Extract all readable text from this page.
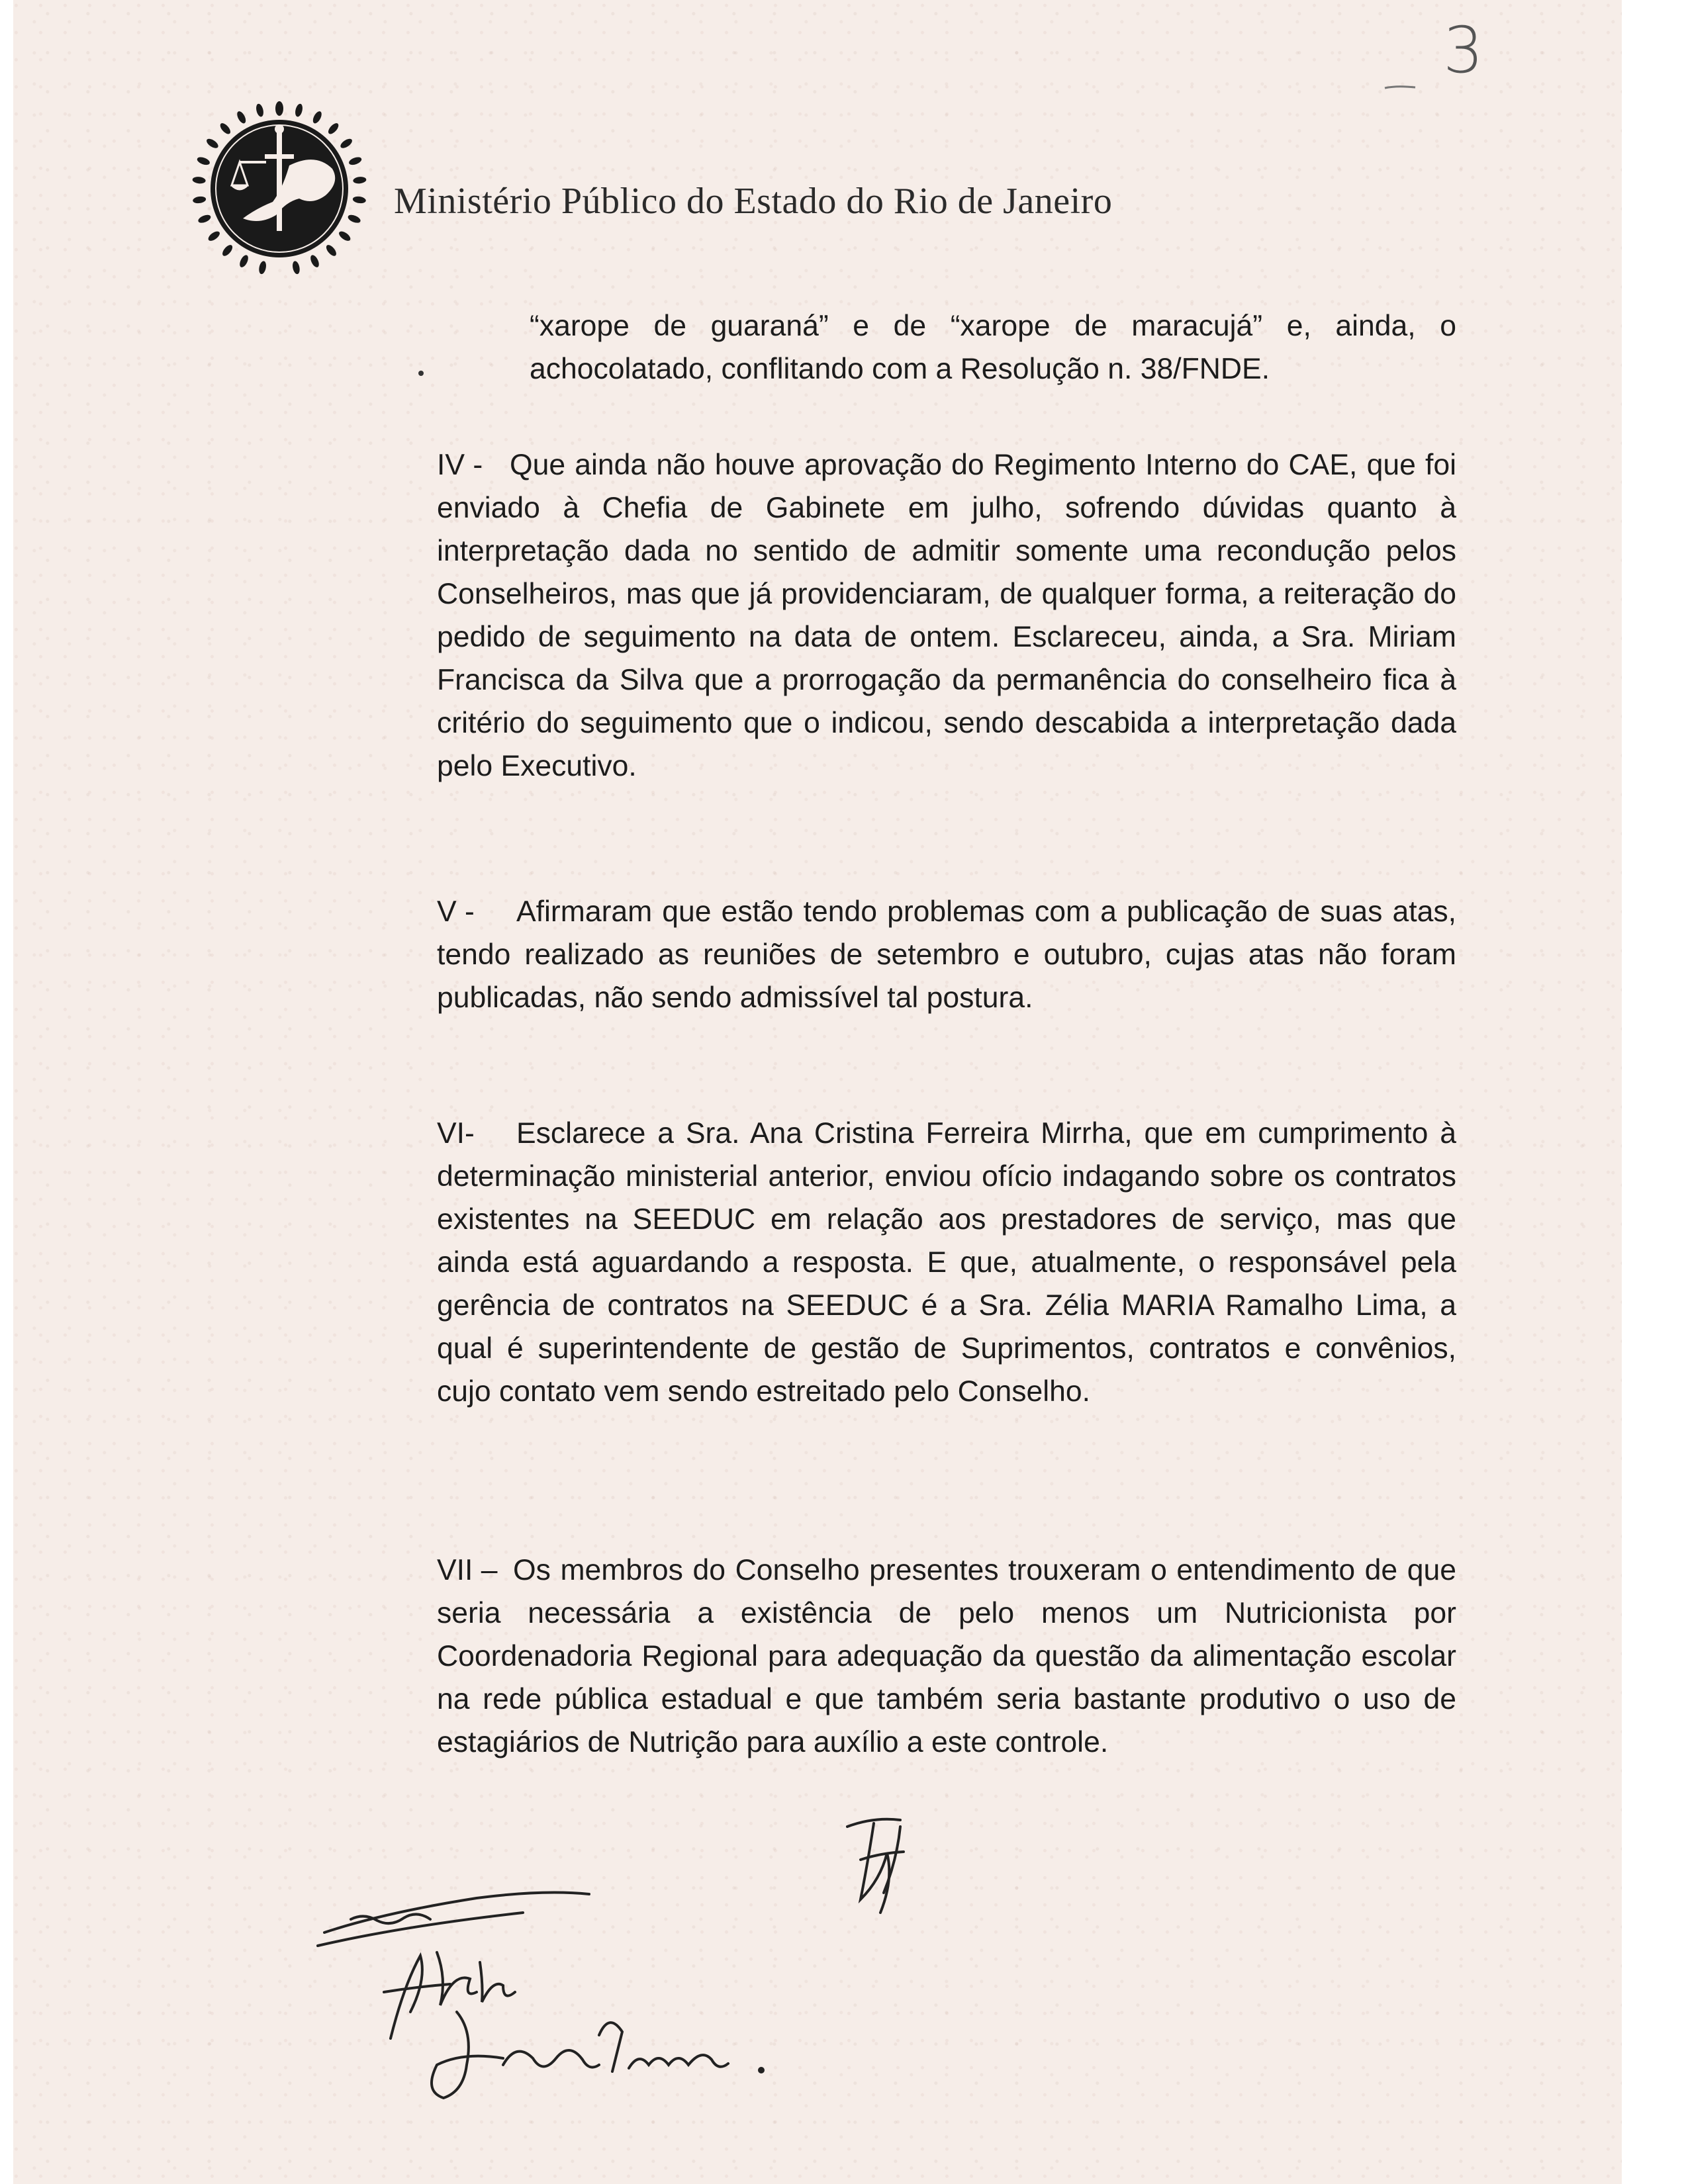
3
Ministério Público do Estado do Rio de Janeiro
“xarope de guaraná” e de “xarope de maracujá” e, ainda, o achocolatado, conflitando com a Resolução n. 38/FNDE.
IV - Que ainda não houve aprovação do Regimento Interno do CAE, que foi enviado à Chefia de Gabinete em julho, sofrendo dúvidas quanto à interpretação dada no sentido de admitir somente uma recondução pelos Conselheiros, mas que já providenciaram, de qualquer forma, a reiteração do pedido de seguimento na data de ontem. Esclareceu, ainda, a Sra. Miriam Francisca da Silva que a prorrogação da permanência do conselheiro fica à critério do seguimento que o indicou, sendo descabida a interpretação dada pelo Executivo.
V -	Afirmaram que estão tendo problemas com a publicação de suas atas, tendo realizado as reuniões de setembro e outubro, cujas atas não foram publicadas, não sendo admissível tal postura.
VI-	Esclarece a Sra. Ana Cristina Ferreira Mirrha, que em cumprimento à determinação ministerial anterior, enviou ofício indagando sobre os contratos existentes na SEEDUC em relação aos prestadores de serviço, mas que ainda está aguardando a resposta. E que, atualmente, o responsável pela gerência de contratos na SEEDUC é a Sra. Zélia MARIA Ramalho Lima, a qual é superintendente de gestão de Suprimentos, contratos e convênios, cujo contato vem sendo estreitado pelo Conselho.
VII – Os membros do Conselho presentes trouxeram o entendimento de que seria necessária a existência de pelo menos um Nutricionista por Coordenadoria Regional para adequação da questão da alimentação escolar na rede pública estadual e que também seria bastante produtivo o uso de estagiários de Nutrição para auxílio a este controle.
